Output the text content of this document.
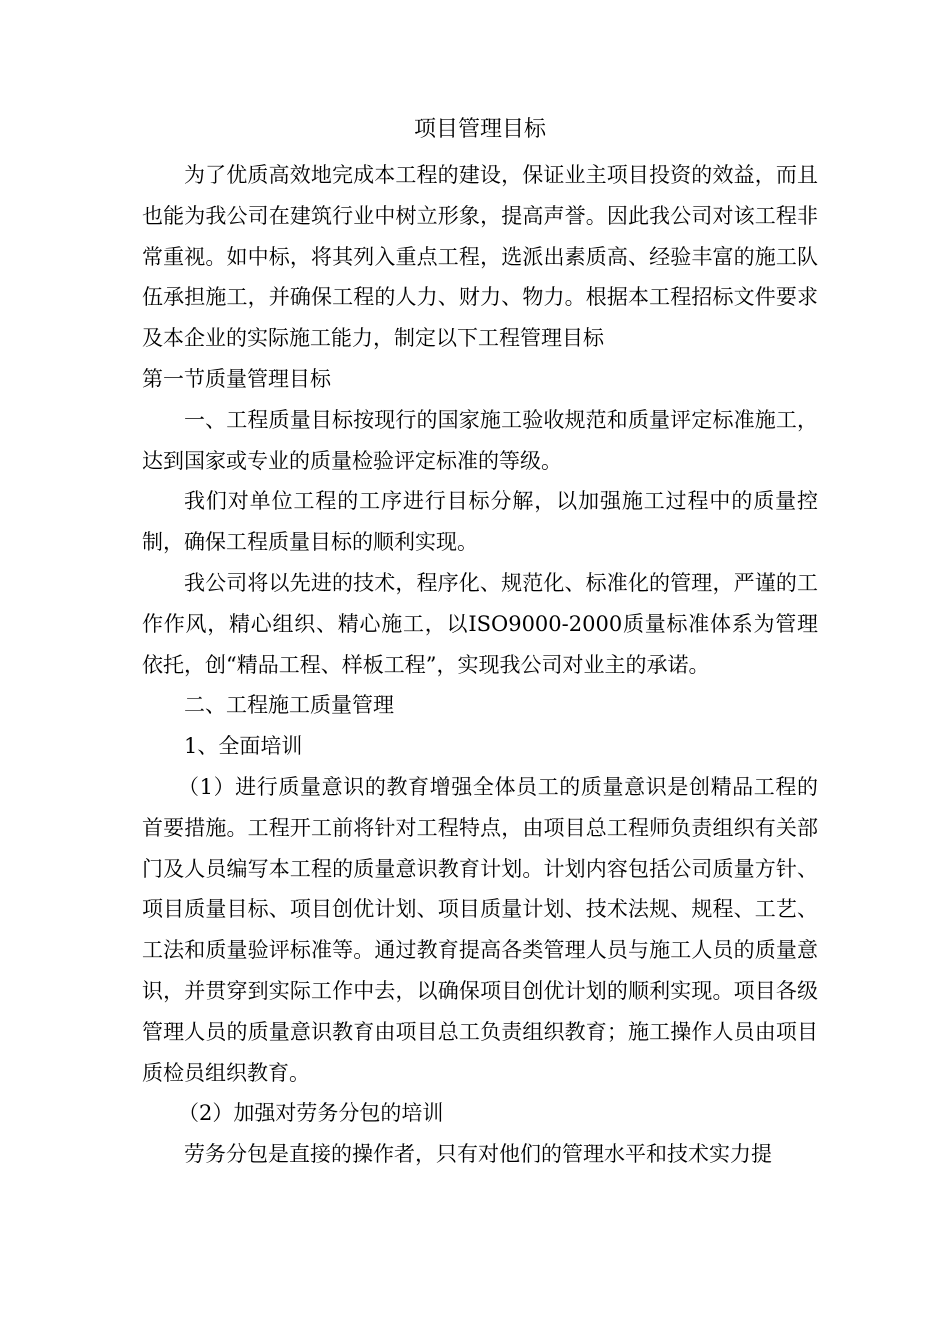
项目管理目标

为了优质高效地完成本工程的建设，保证业主项目投资的效益，而且也能为我公司在建筑行业中树立形象，提高声誉。因此我公司对该工程非常重视。如中标，将其列入重点工程，选派出素质高、经验丰富的施工队伍承担施工，并确保工程的人力、财力、物力。根据本工程招标文件要求及本企业的实际施工能力，制定以下工程管理目标

第一节质量管理目标

一、工程质量目标按现行的国家施工验收规范和质量评定标准施工，达到国家或专业的质量检验评定标准的等级。

我们对单位工程的工序进行目标分解，以加强施工过程中的质量控制，确保工程质量目标的顺利实现。

我公司将以先进的技术，程序化、规范化、标准化的管理，严谨的工作作风，精心组织、精心施工，以ISO9000-2000质量标准体系为管理依托，创“精品工程、样板工程”，实现我公司对业主的承诺。

二、工程施工质量管理

1、全面培训

（1）进行质量意识的教育增强全体员工的质量意识是创精品工程的首要措施。工程开工前将针对工程特点，由项目总工程师负责组织有关部门及人员编写本工程的质量意识教育计划。计划内容包括公司质量方针、项目质量目标、项目创优计划、项目质量计划、技术法规、规程、工艺、工法和质量验评标准等。通过教育提高各类管理人员与施工人员的质量意识，并贯穿到实际工作中去，以确保项目创优计划的顺利实现。项目各级管理人员的质量意识教育由项目总工负责组织教育；施工操作人员由项目质检员组织教育。

（2）加强对劳务分包的培训

劳务分包是直接的操作者，只有对他们的管理水平和技术实力提
